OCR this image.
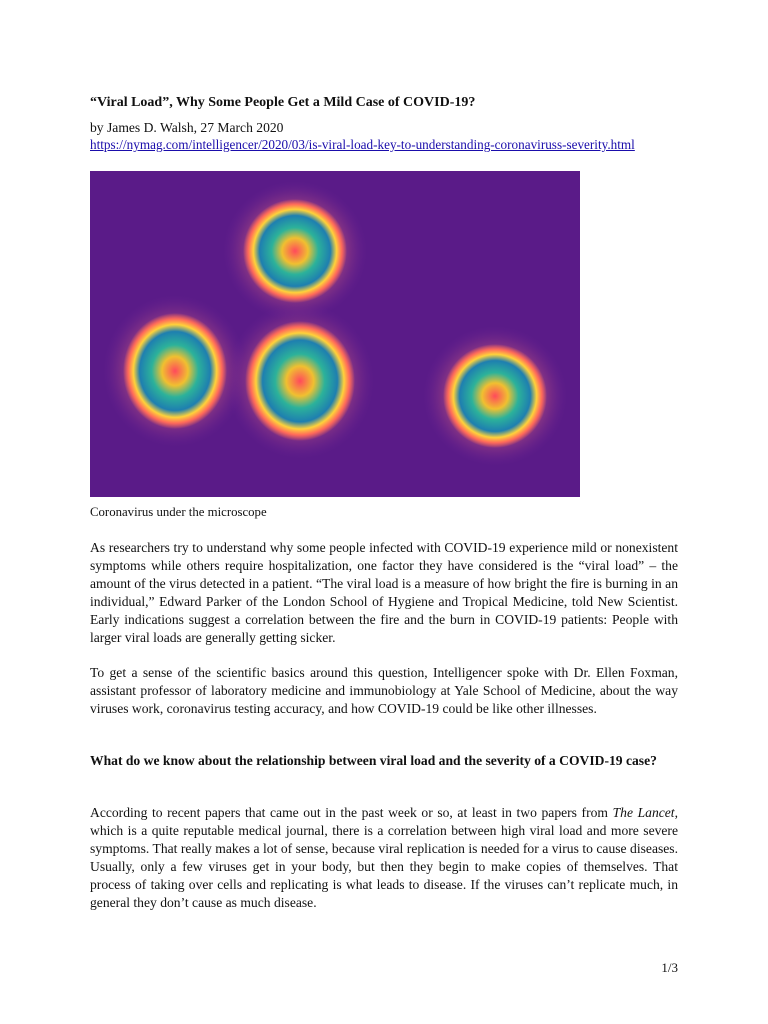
“Viral Load”, Why Some People Get a Mild Case of COVID-19?
by James D. Walsh, 27 March 2020
https://nymag.com/intelligencer/2020/03/is-viral-load-key-to-understanding-coronaviruss-severity.html
Coronavirus under the microscope

As researchers try to understand why some people infected with COVID-19 experience mild or nonexistent symptoms while others require hospitalization, one factor they have considered is the “viral load” – the amount of the virus detected in a patient. “The viral load is a measure of how bright the fire is burning in an individual,” Edward Parker of the London School of Hygiene and Tropical Medicine, told New Scientist. Early indications suggest a correlation between the fire and the burn in COVID-19 patients: People with larger viral loads are generally getting sicker.

To get a sense of the scientific basics around this question, Intelligencer spoke with Dr. Ellen Foxman, assistant professor of laboratory medicine and immunobiology at Yale School of Medicine, about the way viruses work, coronavirus testing accuracy, and how COVID-19 could be like other illnesses.

What do we know about the relationship between viral load and the severity of a COVID-19 case?

According to recent papers that came out in the past week or so, at least in two papers from The Lancet, which is a quite reputable medical journal, there is a correlation between high viral load and more severe symptoms. That really makes a lot of sense, because viral replication is needed for a virus to cause diseases. Usually, only a few viruses get in your body, but then they begin to make copies of themselves. That process of taking over cells and replicating is what leads to disease. If the viruses can’t replicate much, in general they don’t cause as much disease.

1/3
